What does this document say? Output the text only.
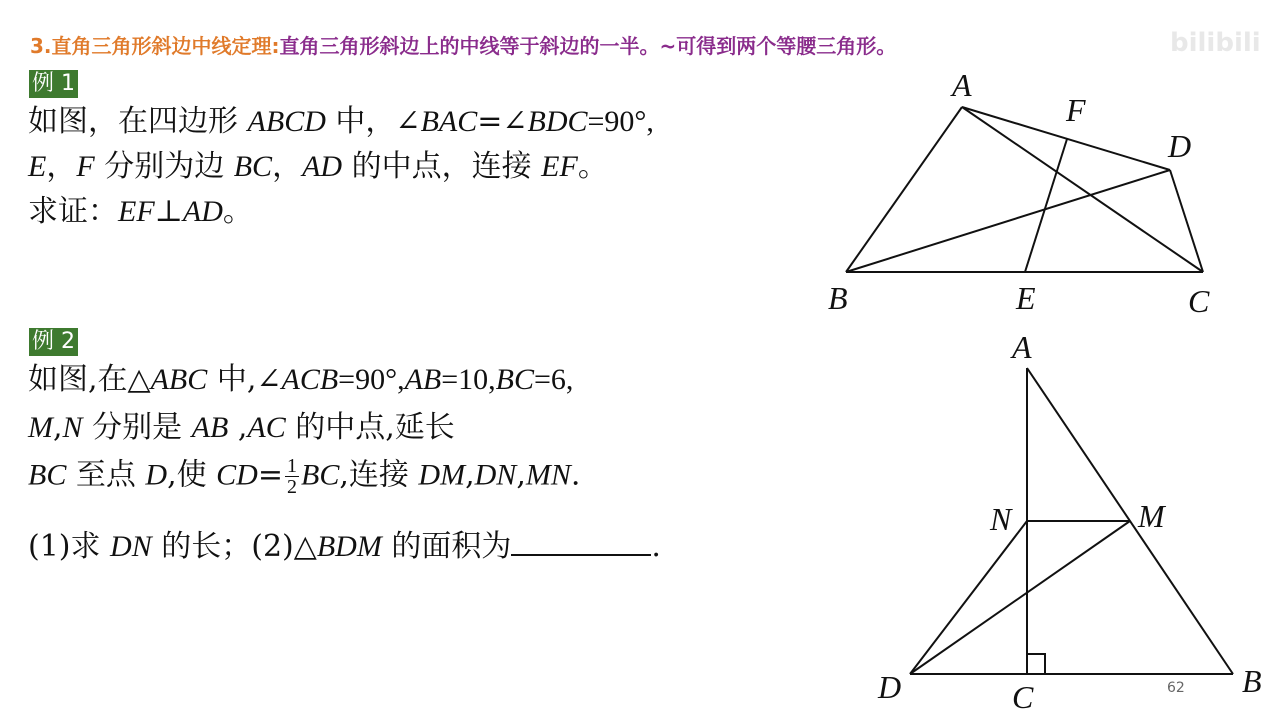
3.直角三角形斜边中线定理:直角三角形斜边上的中线等于斜边的一半。~可得到两个等腰三角形。	bilibili
例 1
如图，在四边形 ABCD 中，∠BAC=∠BDC=90°,
E，F 分别为边 BC，AD 的中点，连接 EF。
求证：EF⊥AD。
A
F
D
B	E	C
例 2
如图,在△ABC 中,∠ACB=90°,AB=10,BC=6,
M,N 分别是 AB ,AC 的中点,延长
BC 至点 D,使 $CD= \frac{1}{2}$ BC,连接 DM,DN,MN.
(1)求 DN 的长；(2)△BDM 的面积为	.
A
N	M
D	C	B
62
